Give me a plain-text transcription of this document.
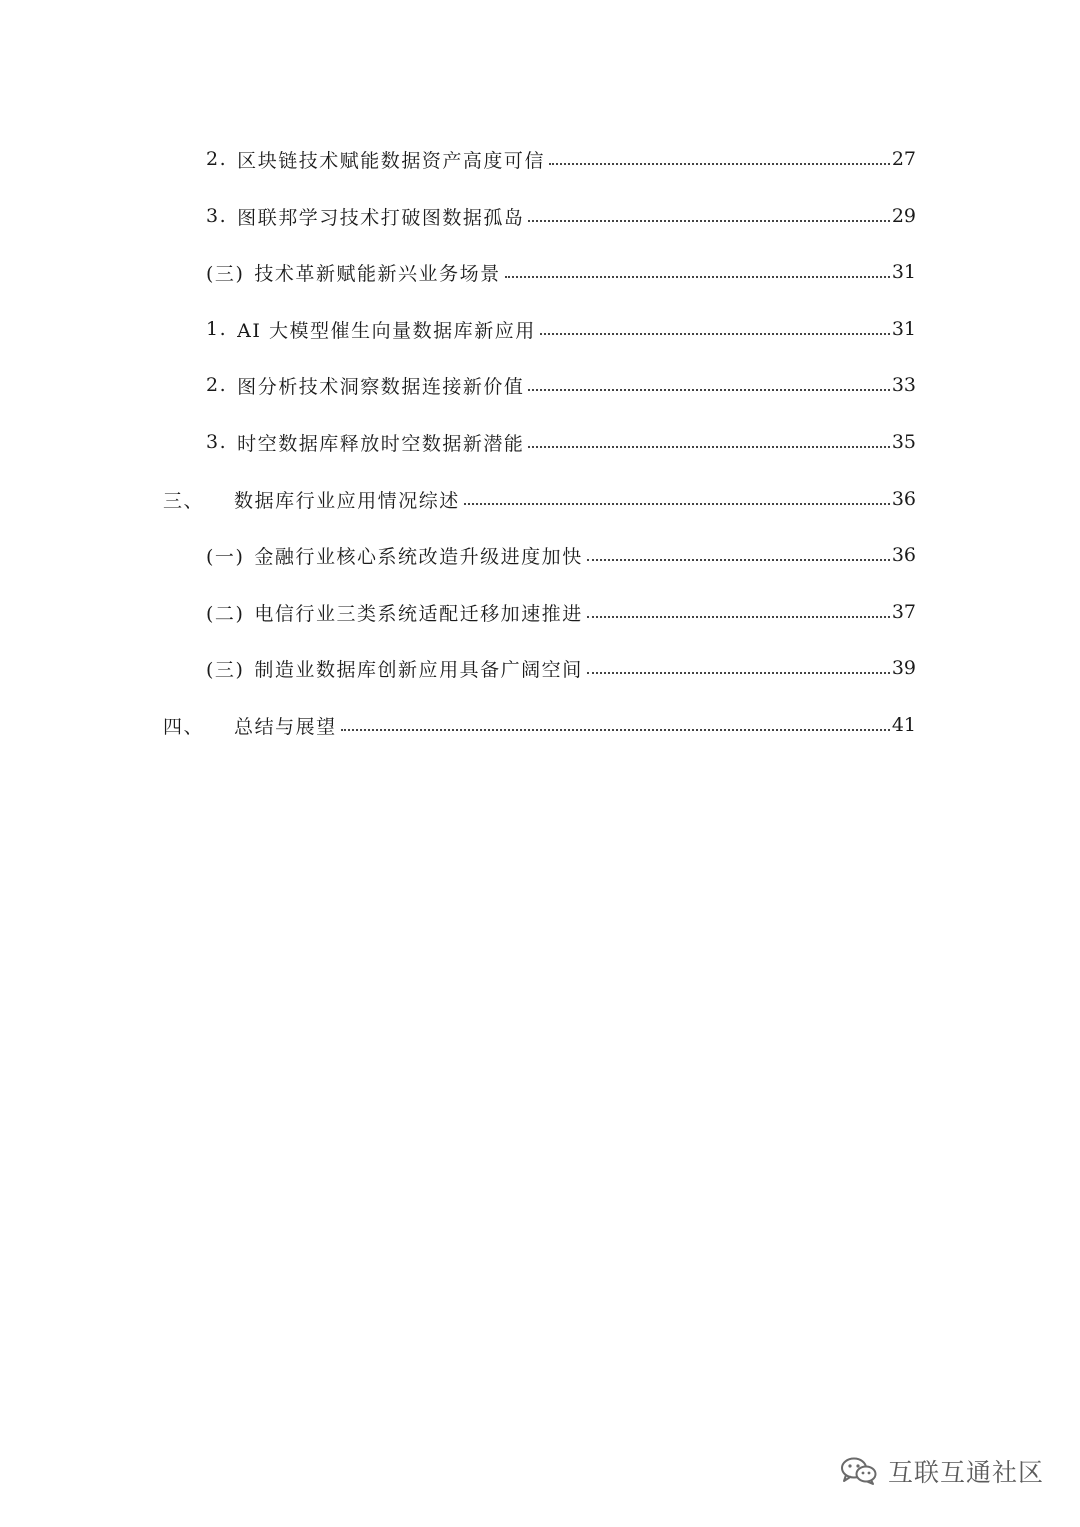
2. 区块链技术赋能数据资产高度可信	27
3. 图联邦学习技术打破图数据孤岛	29
(三) 技术革新赋能新兴业务场景	31
1. AI 大模型催生向量数据库新应用	31
2. 图分析技术洞察数据连接新价值	33
3. 时空数据库释放时空数据新潜能	35
三、	数据库行业应用情况综述	36
(一) 金融行业核心系统改造升级进度加快	36
(二) 电信行业三类系统适配迁移加速推进	37
(三) 制造业数据库创新应用具备广阔空间	39
四、	总结与展望	41
互联互通社区
